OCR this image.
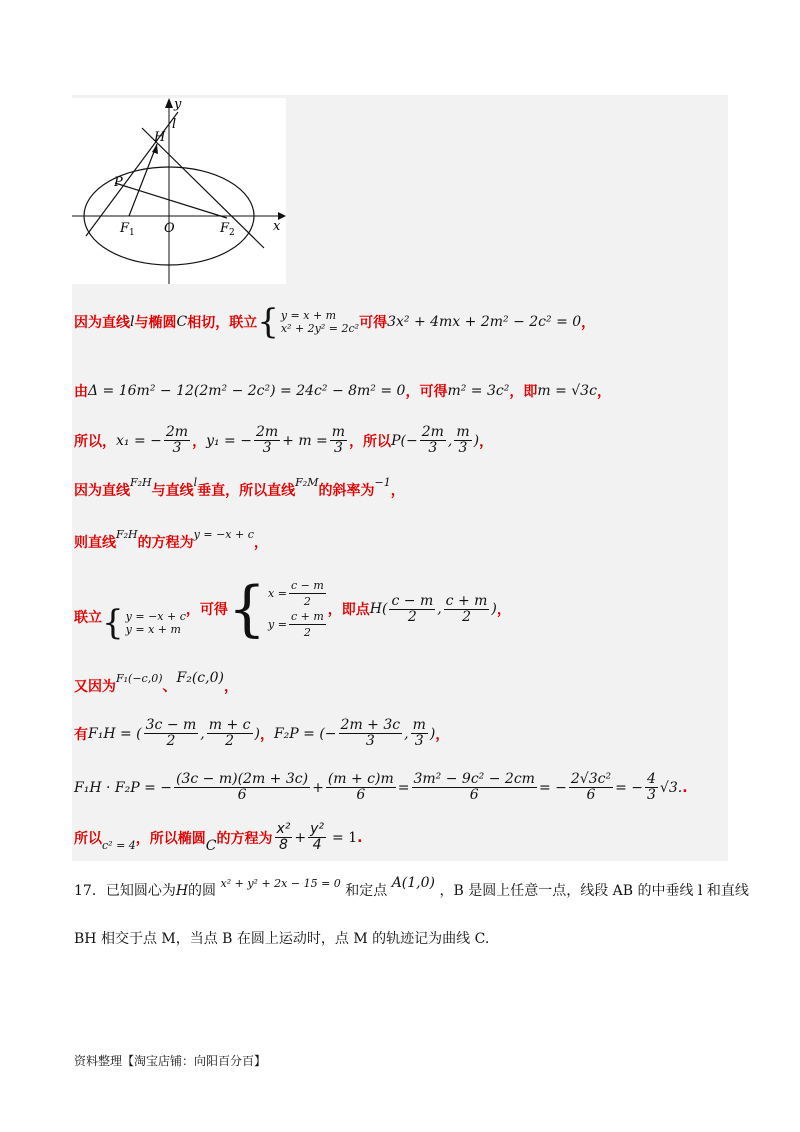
y
x
l
H
P
F 1 O	F 2
因为直线 l 与椭圆 C 相切，联立 { y = x + m
x² + 2y² = 2c² 可得 3x² + 4mx + 2m² − 2c² = 0 ，
由 Δ = 16m² − 12(2m² − 2c²) = 24c² − 8m² = 0 ，可得 m² = 3c² ，即 m = √3c ，
所以， x₁ = − $\frac{2m}{3}$ ， y₁ = − $\frac{2m}{3} + m = \frac{m}{3}$ ，所以 $P(- \frac{2m}{3}$ , $\frac{m}{3}$ ) ，
因为直线
F₂H
与直线
l
垂直，所以直线
F₂M
的斜率为
−1
，
则直线
F₂H
的方程为
y = −x + c
，
联立 { y = −x + c
y = x + m
，可得 { $x = \frac{c - m}{2}$
$y = \frac{c + m}{2}$ ，即点 $H( \frac{c - m}{2}$ , $\frac{c + m}{2}$ ) ，
又因为
F₁(−c,0)
、
F₂(c,0)
，
有 F₁H = ( $\frac{3c - m}{2}$ , $\frac{m + c}{2}$ ) ， F₂P = (− $\frac{2m + 3c}{3}$ , $\frac{m}{3}$ ) ，
F₁H · F₂P = − $\frac{(3c - m)(2m + 3c)}{6} + \frac{(m + c)m}{6} = \frac{\text{3m² − 9c² − 2cm}}{6}$ = − $\frac{\text{2√3c²}}{6}$ = − $\frac{4}{3} √3$. .
所以 c² = 4 ，所以椭圆 C 的方程为 $\frac{\text{x²}}{8} + \frac{\text{y²}}{4} = 1$ .
17．已知圆心为H的圆 $^{x^2 + y^2 + 2x - 15 = 0}$ 和定点 A(1,0) ，B 是圆上任意一点，线段 AB 的中垂线 l 和直线
BH 相交于点 M，当点 B 在圆上运动时，点 M 的轨迹记为曲线 C.
资料整理【淘宝店铺：向阳百分百】
